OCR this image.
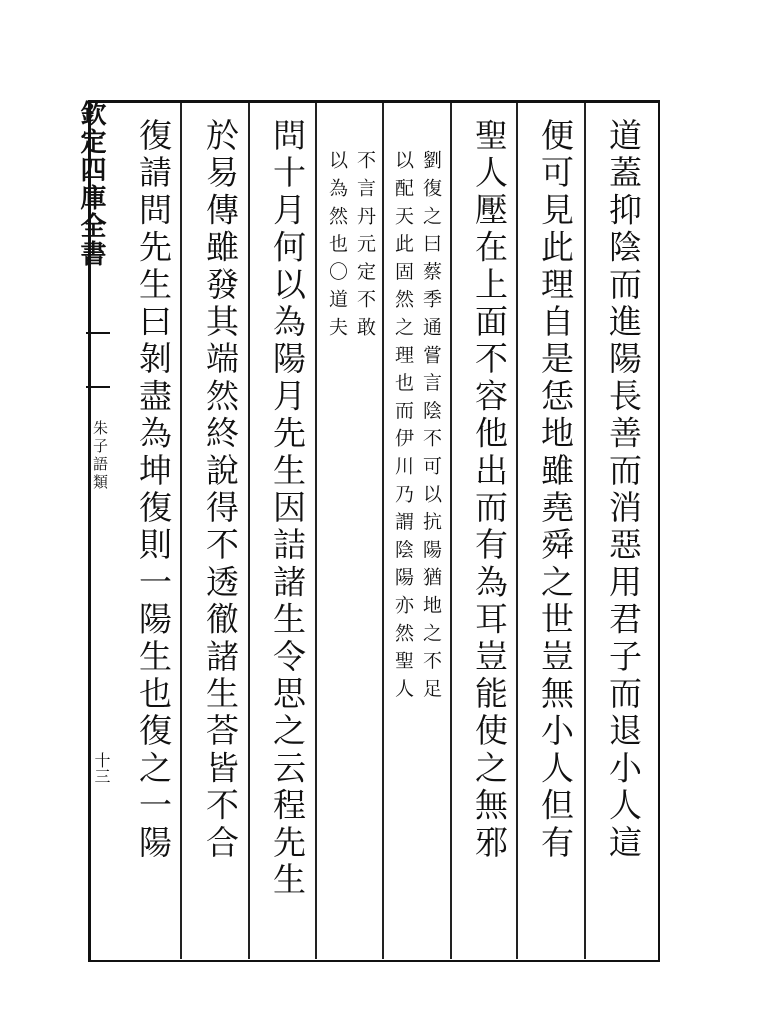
欽定四庫全書
朱子語類
十三	道蓋抑陰而進陽長善而消惡用君子而退小人這
便可見此理自是恁地雖堯舜之世豈無小人但有
聖人壓在上面不容他出而有為耳豈能使之無邪
劉復之曰蔡季通嘗言陰不可以抗陽猶地之不足
以配天此固然之理也而伊川乃謂陰陽亦然聖人
不言丹元定不敢
以為然也〇道夫
問十月何以為陽月先生因詰諸生令思之云程先生
於易傳雖發其端然終說得不透徹諸生荅皆不合
復請問先生曰剝盡為坤復則一陽生也復之一陽
